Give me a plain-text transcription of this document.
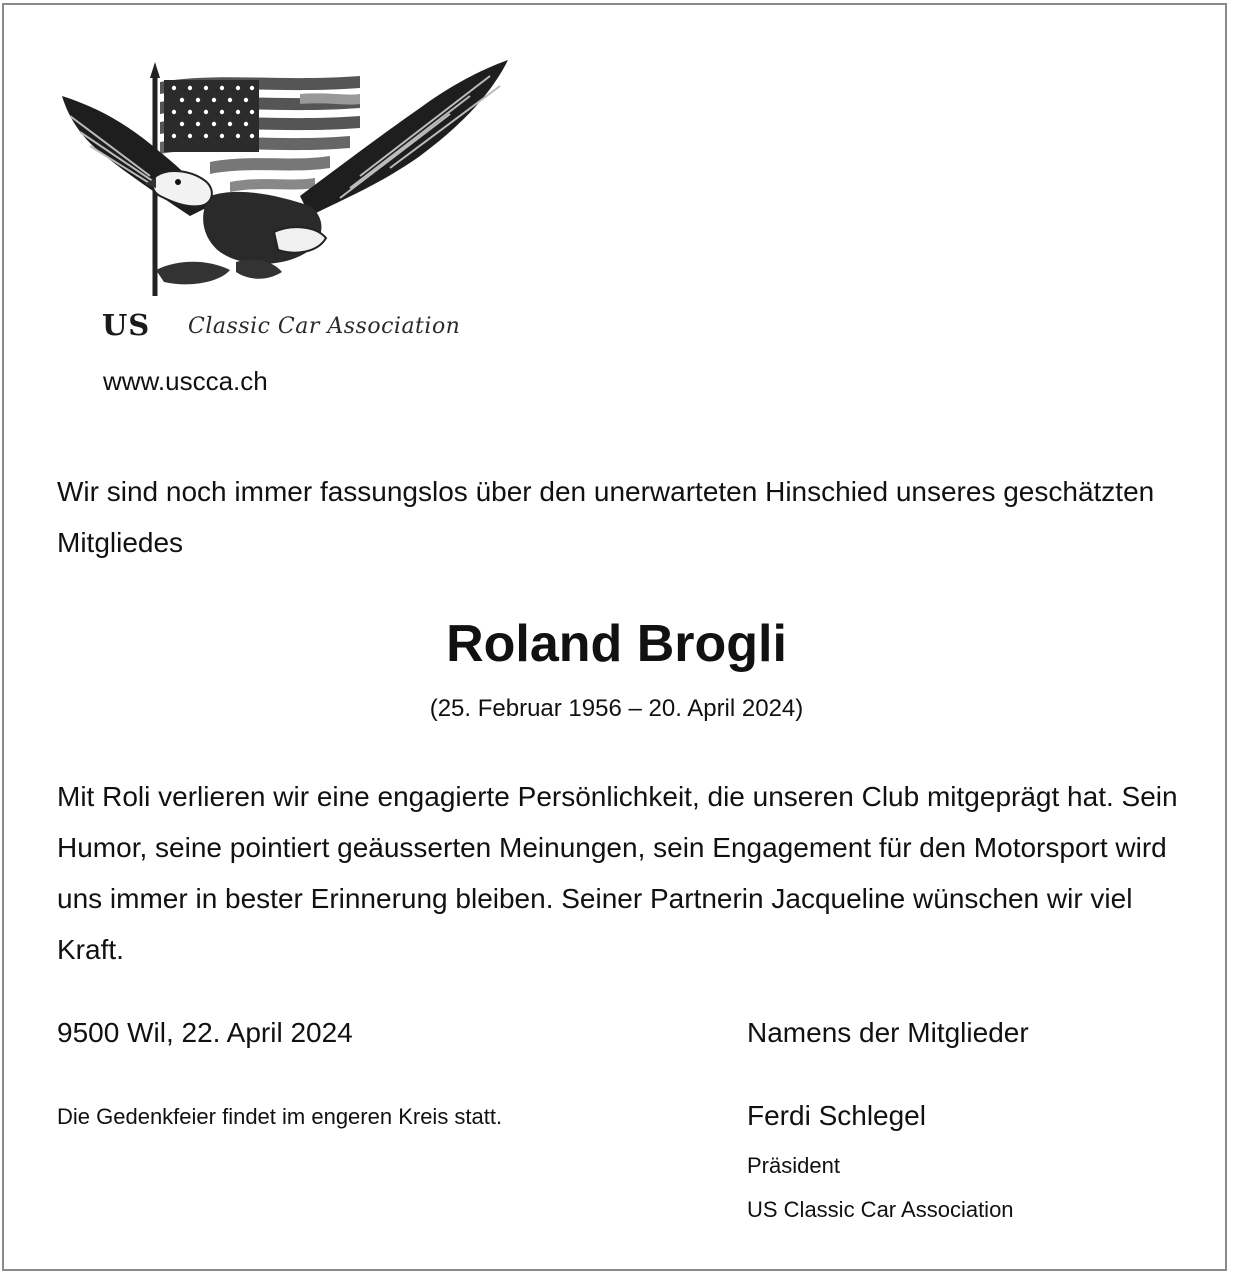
US Classic Car Association
www.uscca.ch
Wir sind noch immer fassungslos über den unerwarteten Hinschied unseres geschätzten Mitgliedes
Roland Brogli
(25. Februar 1956 – 20. April 2024)
Mit Roli verlieren wir eine engagierte Persönlichkeit, die unseren Club mitgeprägt hat. Sein Humor, seine pointiert geäusserten Meinungen, sein Engagement für den Motorsport wird uns immer in bester Erinnerung bleiben. Seiner Partnerin Jacqueline wünschen wir viel Kraft.
9500 Wil, 22. April 2024
Die Gedenkfeier findet im engeren Kreis statt.
Namens der Mitglieder
Ferdi Schlegel
Präsident
US Classic Car Association
